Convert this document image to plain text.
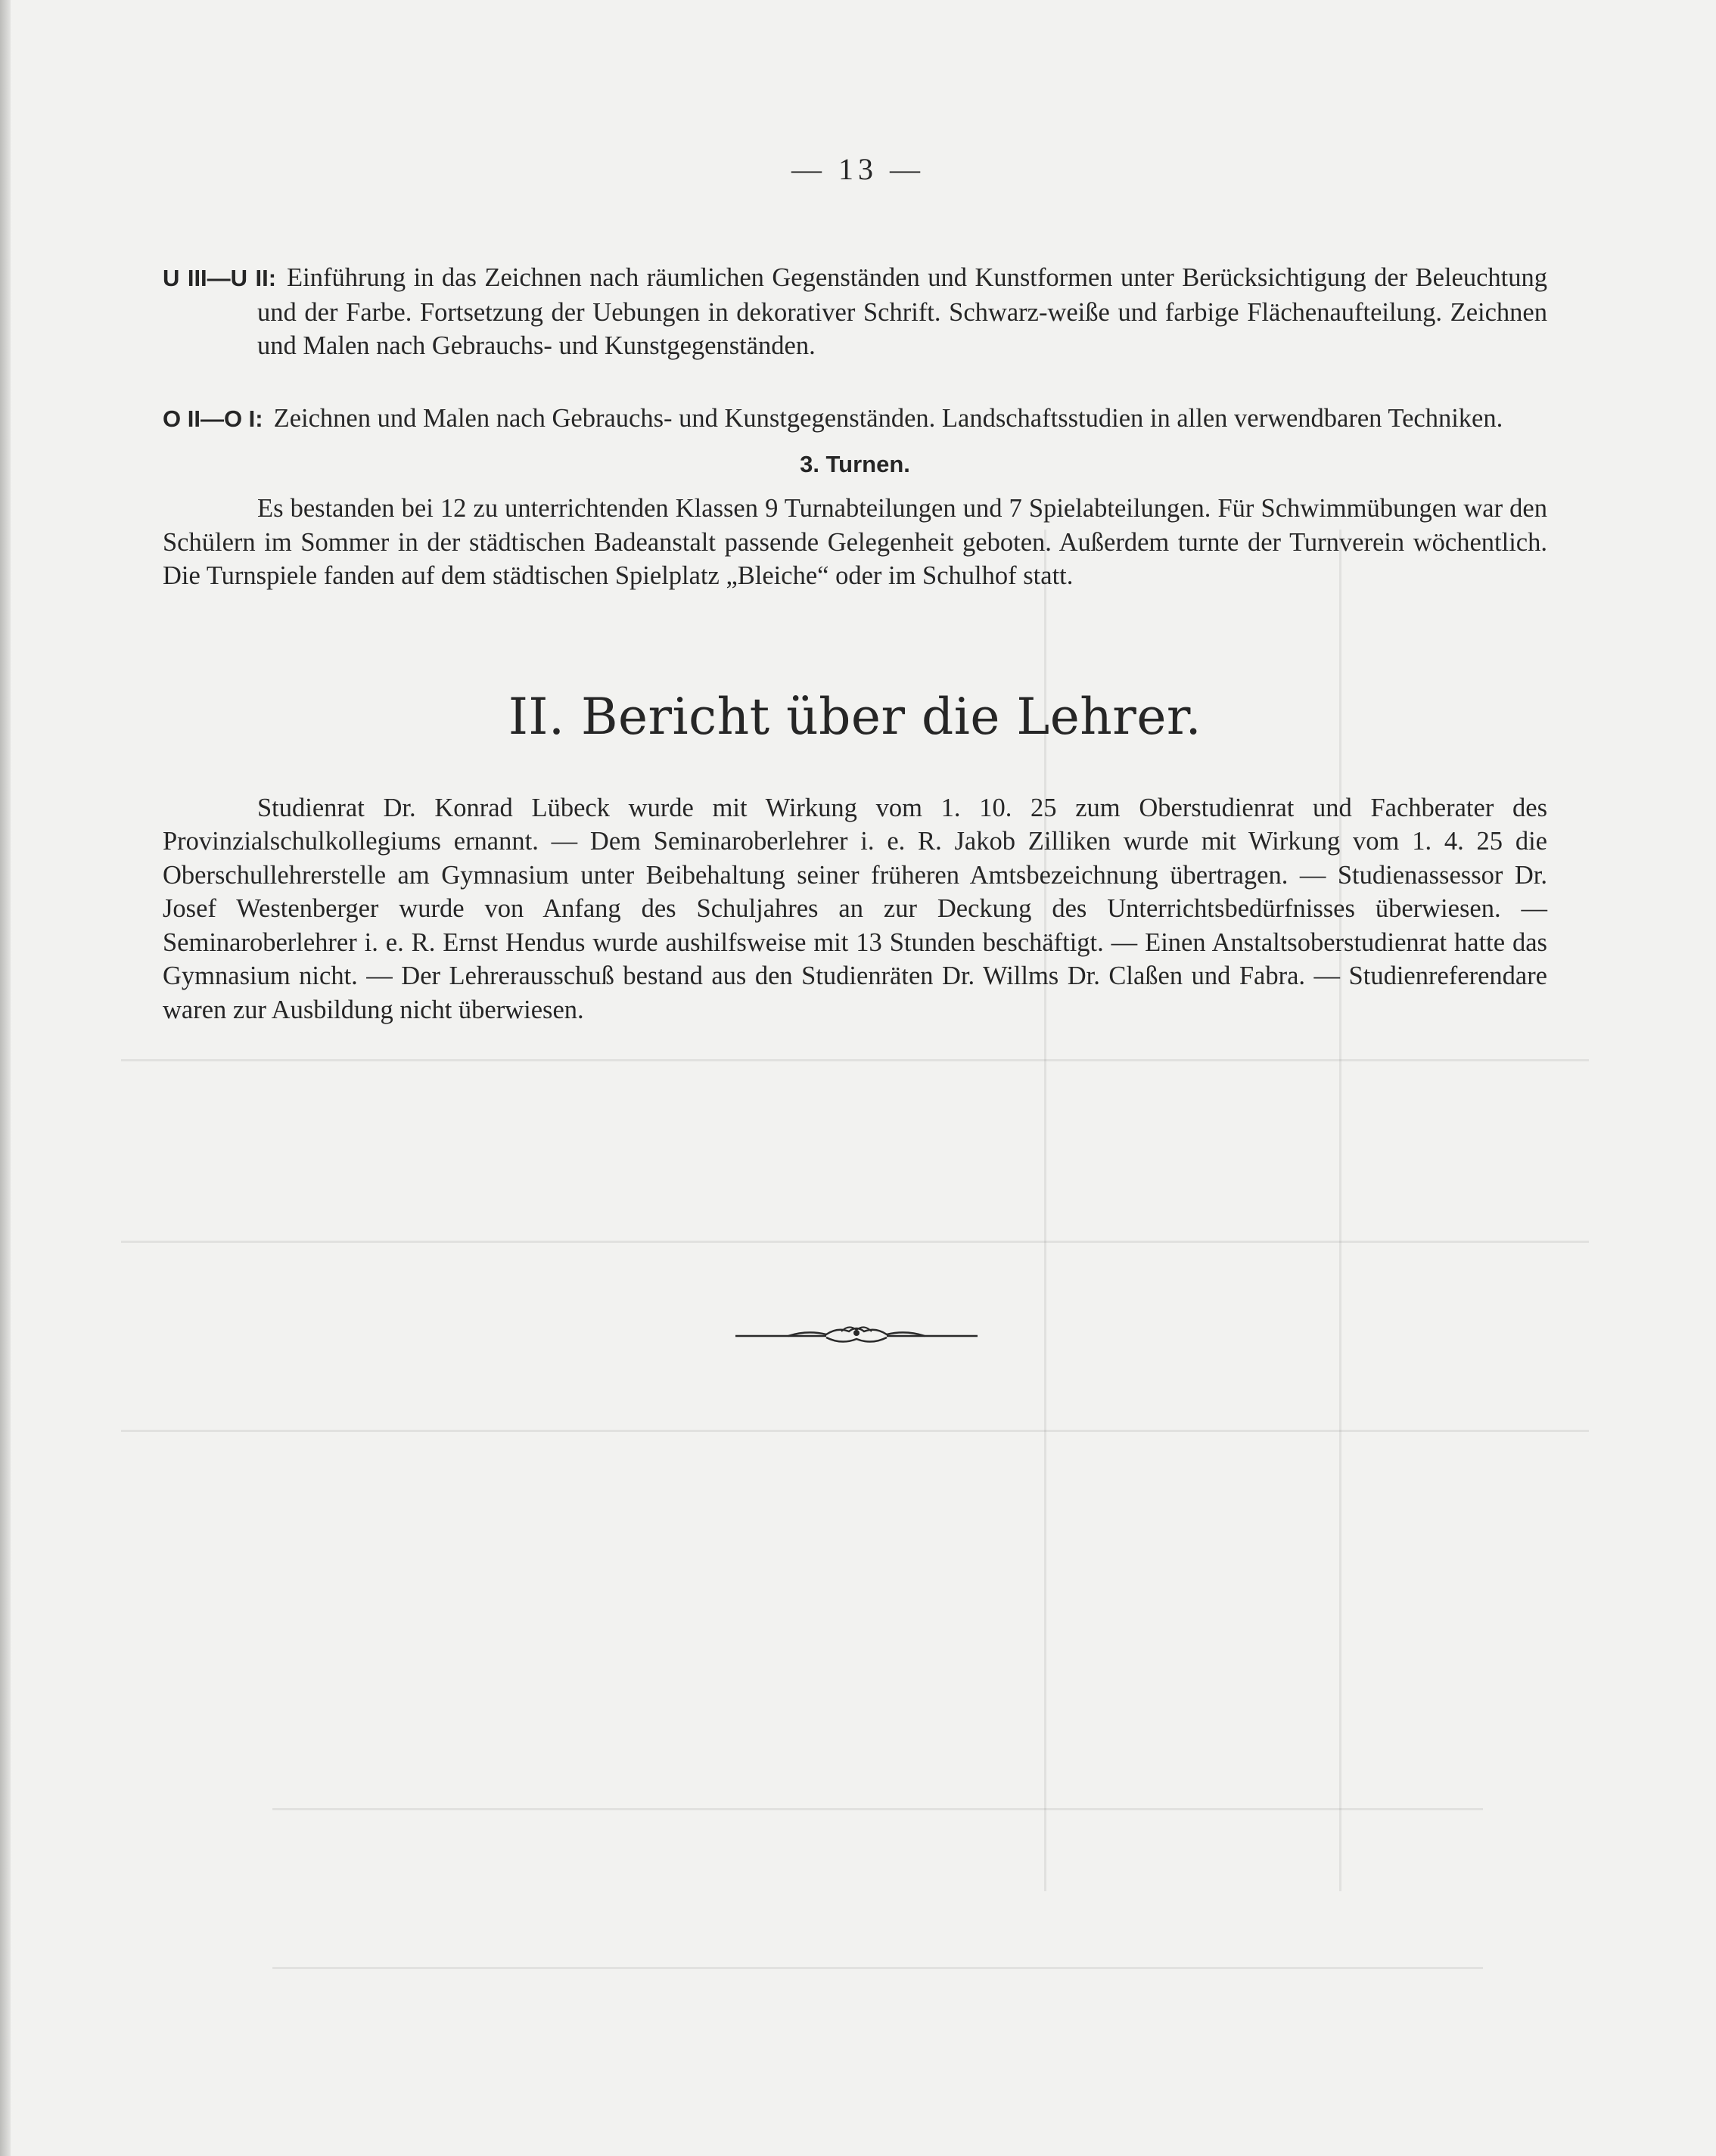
— 13 —

U III—U II: Einführung in das Zeichnen nach räumlichen Gegenständen und Kunstformen unter Berücksichtigung der Beleuchtung und der Farbe. Fortsetzung der Uebungen in dekorativer Schrift. Schwarz-weiße und farbige Flächenaufteilung. Zeichnen und Malen nach Gebrauchs- und Kunstgegenständen.

O II—O I: Zeichnen und Malen nach Gebrauchs- und Kunstgegenständen. Landschaftsstudien in allen verwendbaren Techniken.

3. Turnen.

Es bestanden bei 12 zu unterrichtenden Klassen 9 Turnabteilungen und 7 Spielabteilungen. Für Schwimmübungen war den Schülern im Sommer in der städtischen Badeanstalt passende Gelegenheit geboten. Außerdem turnte der Turnverein wöchentlich. Die Turnspiele fanden auf dem städtischen Spielplatz „Bleiche“ oder im Schulhof statt.

II. Bericht über die Lehrer.

Studienrat Dr. Konrad Lübeck wurde mit Wirkung vom 1. 10. 25 zum Oberstudienrat und Fachberater des Provinzialschulkollegiums ernannt. — Dem Seminaroberlehrer i. e. R. Jakob Zilliken wurde mit Wirkung vom 1. 4. 25 die Oberschullehrerstelle am Gymnasium unter Beibehaltung seiner früheren Amtsbezeichnung übertragen. — Studienassessor Dr. Josef Westenberger wurde von Anfang des Schuljahres an zur Deckung des Unterrichtsbedürfnisses überwiesen. — Seminaroberlehrer i. e. R. Ernst Hendus wurde aushilfsweise mit 13 Stunden beschäftigt. — Einen Anstaltsoberstudienrat hatte das Gymnasium nicht. — Der Lehrerausschuß bestand aus den Studienräten Dr. Willms Dr. Claßen und Fabra. — Studienreferendare waren zur Ausbildung nicht überwiesen.
